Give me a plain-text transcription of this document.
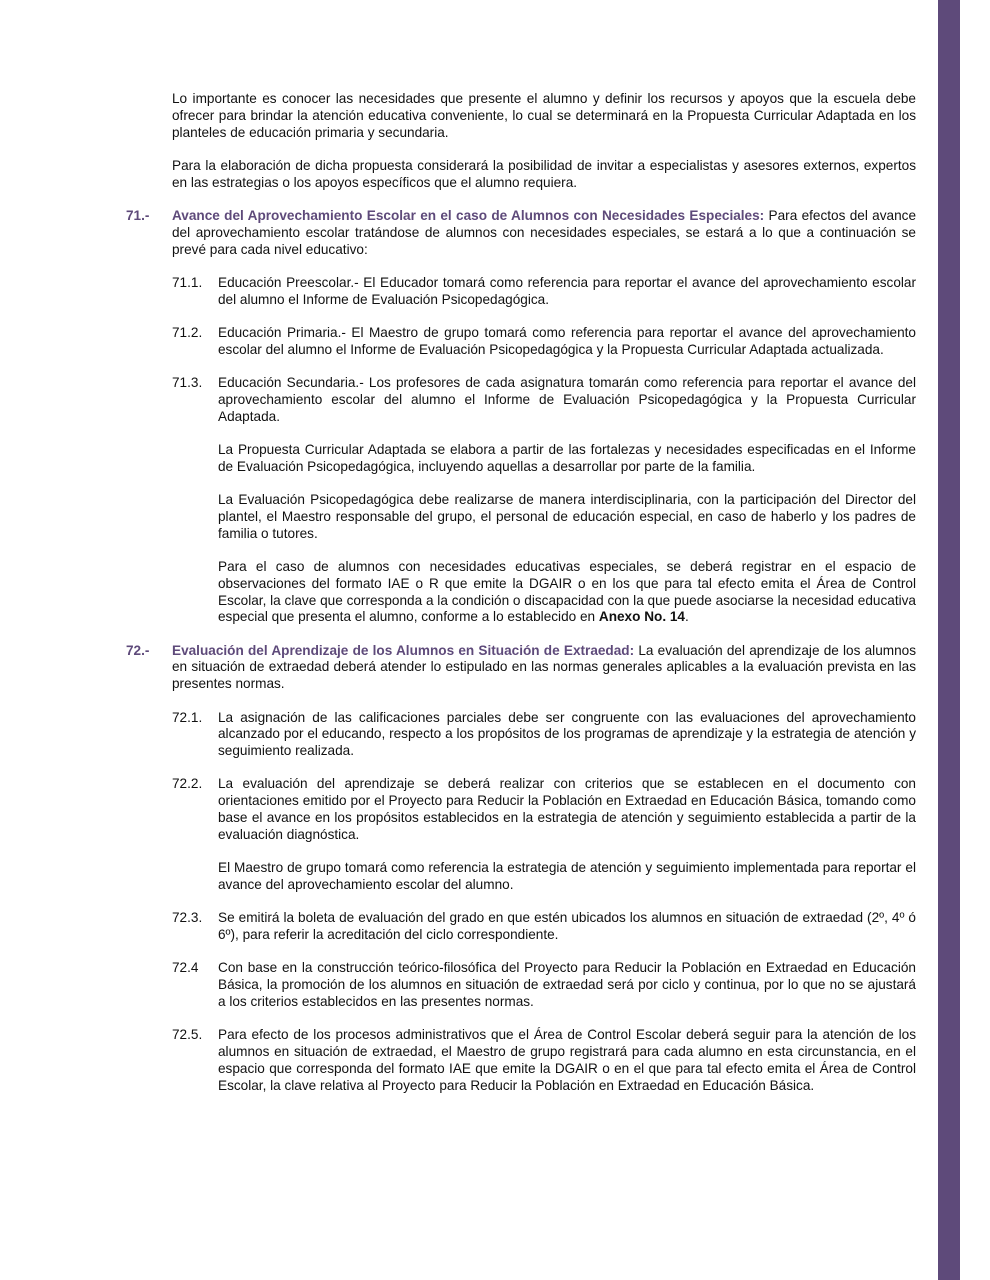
Lo importante es conocer las necesidades que presente el alumno y definir los recursos y apoyos que la escuela debe ofrecer para brindar la atención educativa conveniente, lo cual se determinará en la Propuesta Curricular Adaptada en los planteles de educación primaria y secundaria.

Para la elaboración de dicha propuesta considerará la posibilidad de invitar a especialistas y asesores externos, expertos en las estrategias o los apoyos específicos que el alumno requiera.

71.-	Avance del Aprovechamiento Escolar en el caso de Alumnos con Necesidades Especiales: Para efectos del avance del aprovechamiento escolar tratándose de alumnos con necesidades especiales, se estará a lo que a continuación se prevé para cada nivel educativo:

71.1.	Educación Preescolar.- El Educador tomará como referencia para reportar el avance del aprovechamiento escolar del alumno el Informe de Evaluación Psicopedagógica.

71.2.	Educación Primaria.- El Maestro de grupo tomará como referencia para reportar el avance del aprovechamiento escolar del alumno el Informe de Evaluación Psicopedagógica y la Propuesta Curricular Adaptada actualizada.

71.3.	Educación Secundaria.- Los profesores de cada asignatura tomarán como referencia para reportar el avance del aprovechamiento escolar del alumno el Informe de Evaluación Psicopedagógica y la Propuesta Curricular Adaptada.

La Propuesta Curricular Adaptada se elabora a partir de las fortalezas y necesidades especificadas en el Informe de Evaluación Psicopedagógica, incluyendo aquellas a desarrollar por parte de la familia.

La Evaluación Psicopedagógica debe realizarse de manera interdisciplinaria, con la participación del Director del plantel, el Maestro responsable del grupo, el personal de educación especial, en caso de haberlo y los padres de familia o tutores.

Para el caso de alumnos con necesidades educativas especiales, se deberá registrar en el espacio de observaciones del formato IAE o R que emite la DGAIR o en los que para tal efecto emita el Área de Control Escolar, la clave que corresponda a la condición o discapacidad con la que puede asociarse la necesidad educativa especial que presenta el alumno, conforme a lo establecido en Anexo No. 14.

72.-	Evaluación del Aprendizaje de los Alumnos en Situación de Extraedad: La evaluación del aprendizaje de los alumnos en situación de extraedad deberá atender lo estipulado en las normas generales aplicables a la evaluación prevista en las presentes normas.

72.1.	La asignación de las calificaciones parciales debe ser congruente con las evaluaciones del aprovechamiento alcanzado por el educando, respecto a los propósitos de los programas de aprendizaje y la estrategia de atención y seguimiento realizada.

72.2.	La evaluación del aprendizaje se deberá realizar con criterios que se establecen en el documento con orientaciones emitido por el Proyecto para Reducir la Población en Extraedad en Educación Básica, tomando como base el avance en los propósitos establecidos en la estrategia de atención y seguimiento establecida a partir de la evaluación diagnóstica.

El Maestro de grupo tomará como referencia la estrategia de atención y seguimiento implementada para reportar el avance del aprovechamiento escolar del alumno.

72.3.	Se emitirá la boleta de evaluación del grado en que estén ubicados los alumnos en situación de extraedad (2º, 4º ó 6º), para referir la acreditación del ciclo correspondiente.

72.4	Con base en la construcción teórico-filosófica del Proyecto para Reducir la Población en Extraedad en Educación Básica, la promoción de los alumnos en situación de extraedad será por ciclo y continua, por lo que no se ajustará a los criterios establecidos en las presentes normas.

72.5.	Para efecto de los procesos administrativos que el Área de Control Escolar deberá seguir para la atención de los alumnos en situación de extraedad, el Maestro de grupo registrará para cada alumno en esta circunstancia, en el espacio que corresponda del formato IAE que emite la DGAIR o en el que para tal efecto emita el Área de Control Escolar, la clave relativa al Proyecto para Reducir la Población en Extraedad en Educación Básica.
